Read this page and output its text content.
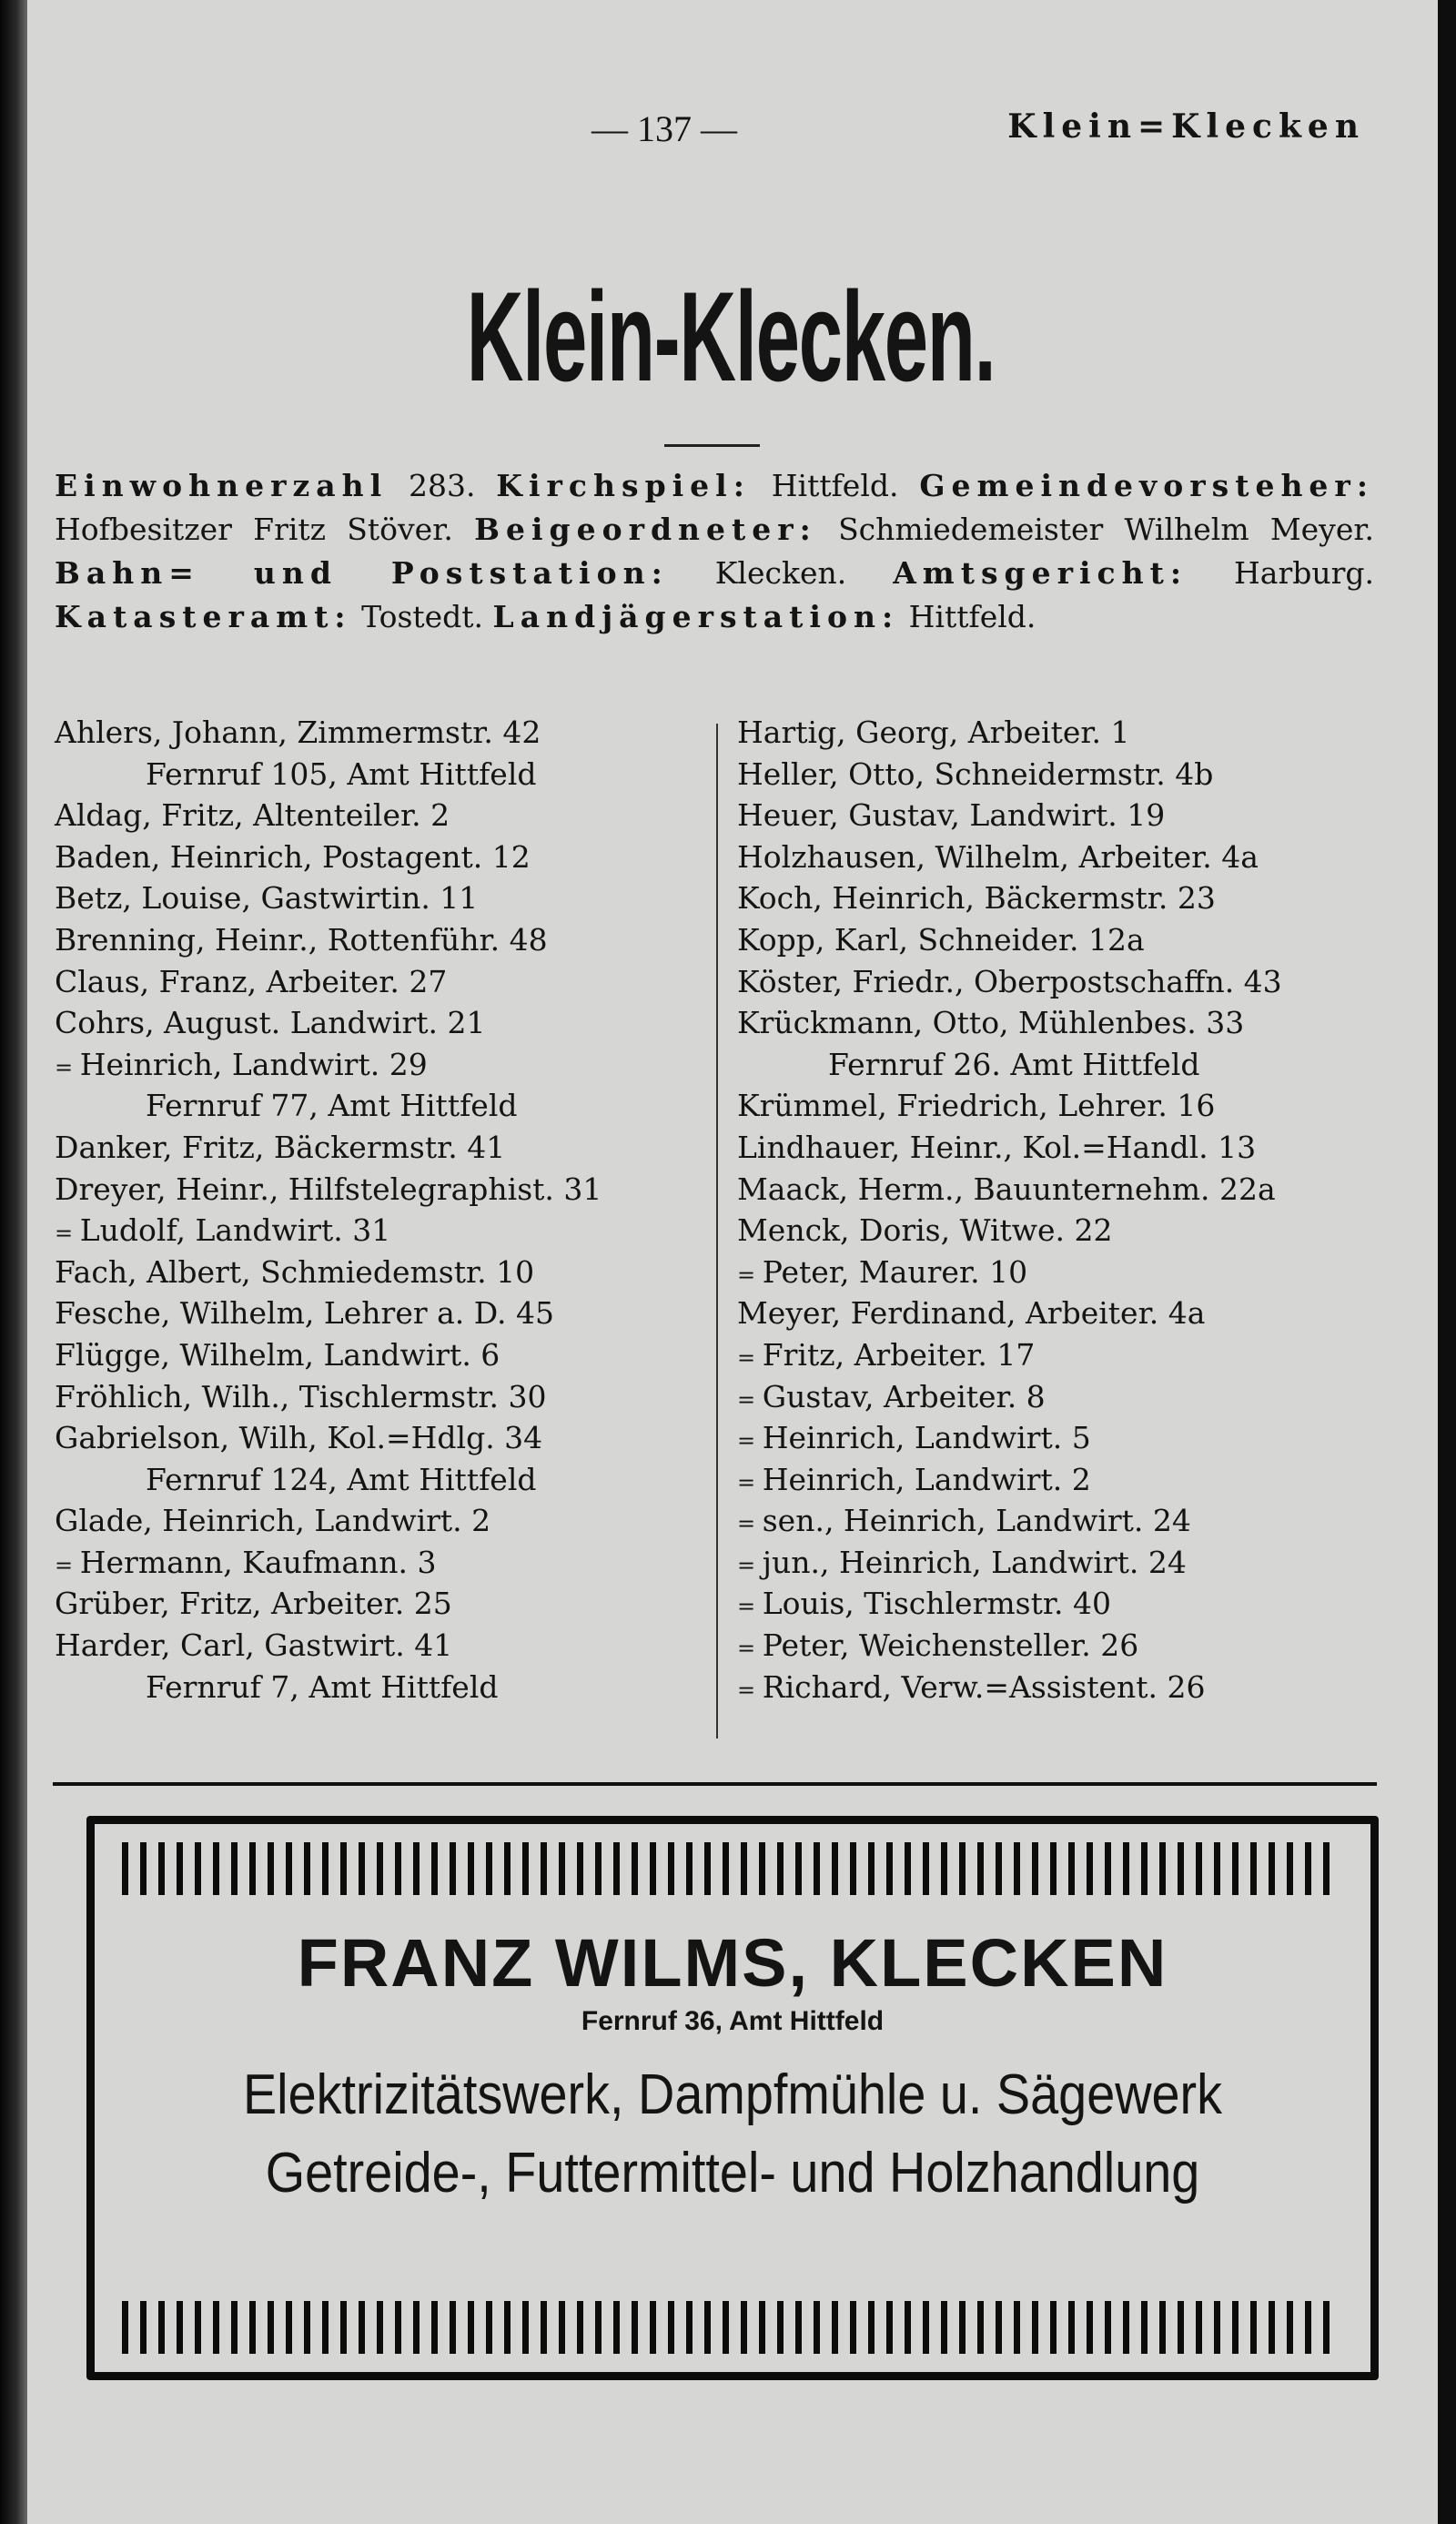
— 137 —	Klein=Klecken
Klein-Klecken.
Einwohnerzahl 283. Kirchspiel: Hittfeld. Gemeindevorsteher: Hofbesitzer Fritz Stöver. Beigeordneter: Schmiedemeister Wilhelm Meyer. Bahn= und Poststation: Klecken. Amtsgericht: Harburg. Katasteramt: Tostedt. Landjägerstation: Hittfeld.
Ahlers, Johann, Zimmermstr. 42
Fernruf 105, Amt Hittfeld
Aldag, Fritz, Altenteiler. 2
Baden, Heinrich, Postagent. 12
Betz, Louise, Gastwirtin. 11
Brenning, Heinr., Rottenführ. 48
Claus, Franz, Arbeiter. 27
Cohrs, August. Landwirt. 21
= Heinrich, Landwirt. 29
Fernruf 77, Amt Hittfeld
Danker, Fritz, Bäckermstr. 41
Dreyer, Heinr., Hilfstelegraphist. 31
= Ludolf, Landwirt. 31
Fach, Albert, Schmiedemstr. 10
Fesche, Wilhelm, Lehrer a. D. 45
Flügge, Wilhelm, Landwirt. 6
Fröhlich, Wilh., Tischlermstr. 30
Gabrielson, Wilh, Kol.=Hdlg. 34
Fernruf 124, Amt Hittfeld
Glade, Heinrich, Landwirt. 2
= Hermann, Kaufmann. 3
Grüber, Fritz, Arbeiter. 25
Harder, Carl, Gastwirt. 41
Fernruf 7, Amt Hittfeld
Hartig, Georg, Arbeiter. 1
Heller, Otto, Schneidermstr. 4b
Heuer, Gustav, Landwirt. 19
Holzhausen, Wilhelm, Arbeiter. 4a
Koch, Heinrich, Bäckermstr. 23
Kopp, Karl, Schneider. 12a
Köster, Friedr., Oberpostschaffn. 43
Krückmann, Otto, Mühlenbes. 33
Fernruf 26. Amt Hittfeld
Krümmel, Friedrich, Lehrer. 16
Lindhauer, Heinr., Kol.=Handl. 13
Maack, Herm., Bauunternehm. 22a
Menck, Doris, Witwe. 22
= Peter, Maurer. 10
Meyer, Ferdinand, Arbeiter. 4a
= Fritz, Arbeiter. 17
= Gustav, Arbeiter. 8
= Heinrich, Landwirt. 5
= Heinrich, Landwirt. 2
= sen., Heinrich, Landwirt. 24
= jun., Heinrich, Landwirt. 24
= Louis, Tischlermstr. 40
= Peter, Weichensteller. 26
= Richard, Verw.=Assistent. 26
FRANZ WILMS, KLECKEN
Fernruf 36, Amt Hittfeld
Elektrizitätswerk, Dampfmühle u. Sägewerk
Getreide-, Futtermittel- und Holzhandlung
